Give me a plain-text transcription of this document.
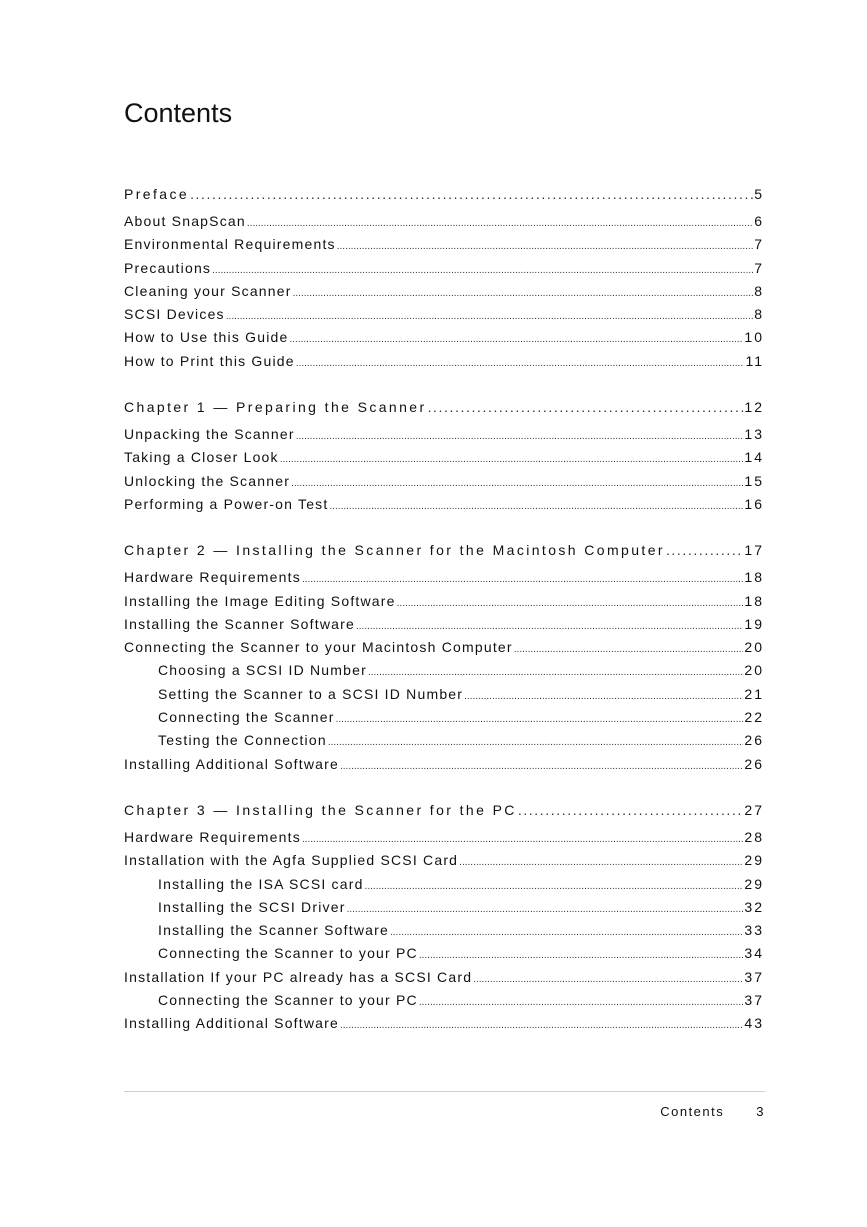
Contents
Preface .....	5
About SnapScan .....	6
Environmental Requirements .....	7
Precautions .....	7
Cleaning your Scanner .....	8
SCSI Devices .....	8
How to Use this Guide .....	10
How to Print this Guide .....	11
Chapter 1 — Preparing the Scanner .....	12
Unpacking the Scanner .....	13
Taking a Closer Look .....	14
Unlocking the Scanner .....	15
Performing a Power-on Test .....	16
Chapter 2 — Installing the Scanner for the Macintosh Computer .....	17
Hardware Requirements .....	18
Installing the Image Editing Software .....	18
Installing the Scanner Software .....	19
Connecting the Scanner to your Macintosh Computer .....	20
Choosing a SCSI ID Number .....	20
Setting the Scanner to a SCSI ID Number .....	21
Connecting the Scanner .....	22
Testing the Connection .....	26
Installing Additional Software .....	26
Chapter 3 — Installing the Scanner for the PC .....	27
Hardware Requirements .....	28
Installation with the Agfa Supplied SCSI Card .....	29
Installing the ISA SCSI card .....	29
Installing the SCSI Driver .....	32
Installing the Scanner Software .....	33
Connecting the Scanner to your PC .....	34
Installation If your PC already has a SCSI Card .....	37
Connecting the Scanner to your PC .....	37
Installing Additional Software .....	43
Contents 3
